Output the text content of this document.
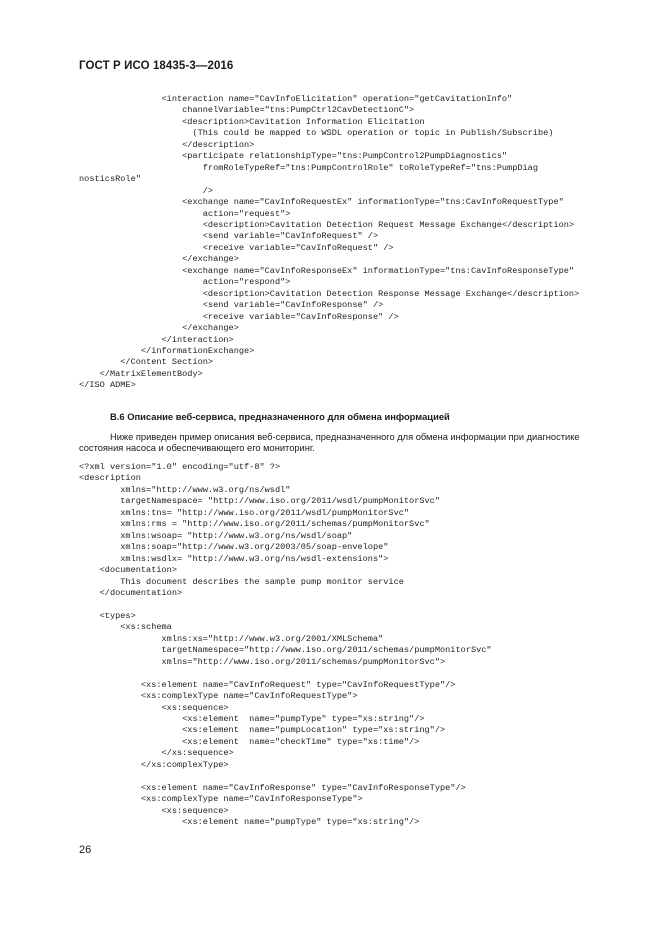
ГОСТ Р ИСО 18435-3—2016
<interaction name="CavInfoElicitation" operation="getCavitationInfo"
channelVariable="tns:PumpCtrl2CavDetectionC">
<description>Cavitation Information Elicitation
(This could be mapped to WSDL operation or topic in Publish/Subscribe)
</description>
<participate relationshipType="tns:PumpControl2PumpDiagnostics"
fromRoleTypeRef="tns:PumpControlRole" toRoleTypeRef="tns:PumpDiag
nosticsRole"
/>
<exchange name="CavInfoRequestEx" informationType="tns:CavInfoRequestType"
action="request">
<description>Cavitation Detection Request Message Exchange</description>
<send variable="CavInfoRequest" />
<receive variable="CavInfoRequest" />
</exchange>
<exchange name="CavInfoResponseEx" informationType="tns:CavInfoResponseType"
action="respond">
<description>Cavitation Detection Response Message Exchange</description>
<send variable="CavInfoResponse" />
<receive variable="CavInfoResponse" />
</exchange>
</interaction>
</informationExchange>
</Content Section>
</MatrixElementBody>
</ISO ADME>
В.6 Описание веб-сервиса, предназначенного для обмена информацией

Ниже приведен пример описания веб-сервиса, предназначенного для обмена информации при диагностике состояния насоса и обеспечивающего его мониторинг.

<?xml version="1.0" encoding="utf-8" ?>
<description
xmlns="http://www.w3.org/ns/wsdl"
targetNamespace= "http://www.iso.org/2011/wsdl/pumpMonitorSvc"
xmlns:tns= "http://www.iso.org/2011/wsdl/pumpMonitorSvc"
xmlns:rms = "http://www.iso.org/2011/schemas/pumpMonitorSvc"
xmlns:wsoap= "http://www.w3.org/ns/wsdl/soap"
xmlns:soap="http://www.w3.org/2003/05/soap-envelope"
xmlns:wsdlx= "http://www.w3.org/ns/wsdl-extensions">
<documentation>
This document describes the sample pump monitor service
</documentation>

<types>
<xs:schema
xmlns:xs="http://www.w3.org/2001/XMLSchema"
targetNamespace="http://www.iso.org/2011/schemas/pumpMonitorSvc"
xmlns="http://www.iso.org/2011/schemas/pumpMonitorSvc">

<xs:element name="CavInfoRequest" type="CavInfoRequestType"/>
<xs:complexType name="CavInfoRequestType">
<xs:sequence>
<xs:element  name="pumpType" type="xs:string"/>
<xs:element  name="pumpLocation" type="xs:string"/>
<xs:element  name="checkTime" type="xs:time"/>
</xs:sequence>
</xs:complexType>

<xs:element name="CavInfoResponse" type="CavInfoResponseType"/>
<xs:complexType name="CavInfoResponseType">
<xs:sequence>
<xs:element name="pumpType" type="xs:string"/>
26
